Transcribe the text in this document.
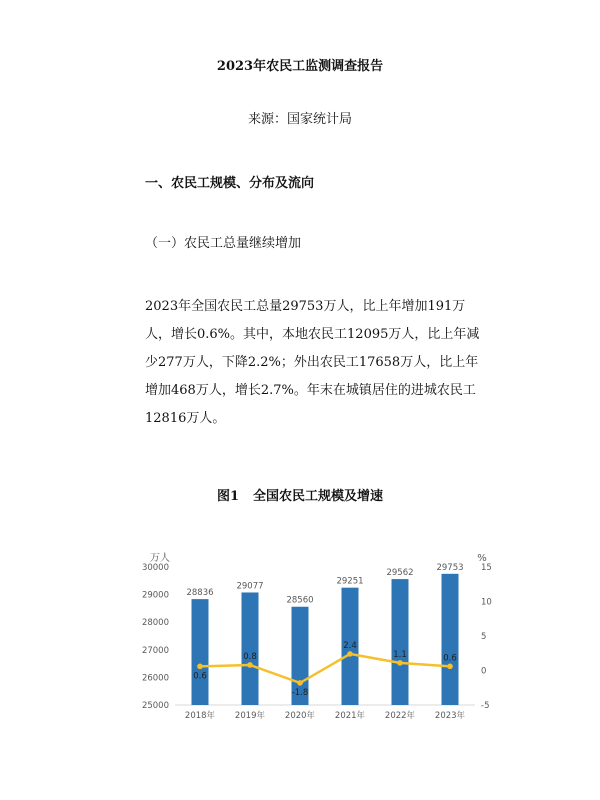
2023年农民工监测调查报告
来源：国家统计局
一、农民工规模、分布及流向
（一）农民工总量继续增加

2023年全国农民工总量29753万人，比上年增加191万人，增长0.6%。其中，本地农民工12095万人，比上年减少277万人，下降2.2%；外出农民工17658万人，比上年增加468万人，增长2.7%。年末在城镇居住的进城农民工12816万人。

图1 全国农民工规模及增速
万人	%
25000
26000
27000
28000
29000
30000
-5
0
5
10
15
2018年 2019年 2020年 2021年 2022年 2023年
28836
29077
28560
29251
29562
29753
0.6
0.8
-1.8
2.4
1.1	0.6
